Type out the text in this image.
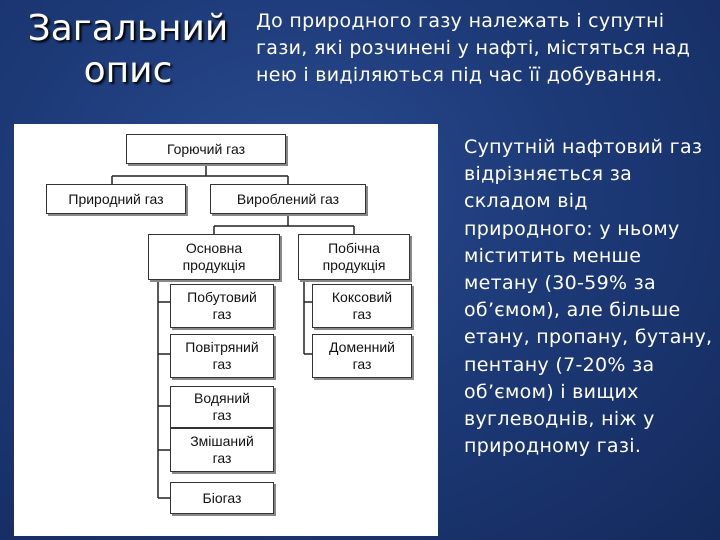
Загальний
опис
До природного газу належать і супутні гази, які розчинені у нафті, містяться над нею і виділяються під час її добування.
Супутній нафтовий газ відрізняється за складом від природного: у ньому міститить менше метану (30-59% за об’ємом), але більше етану, пропану, бутану, пентану (7-20% за об’ємом) і вищих вуглеводнів, ніж у природному газі.
Горючий газ
Природний газ	Вироблений газ
Основна
продукція
Побічна
продукція
Побутовий
газ
Повітряний
газ
Водяний
газ
Змішаний
газ
Біогаз
Коксовий
газ
Доменний
газ
